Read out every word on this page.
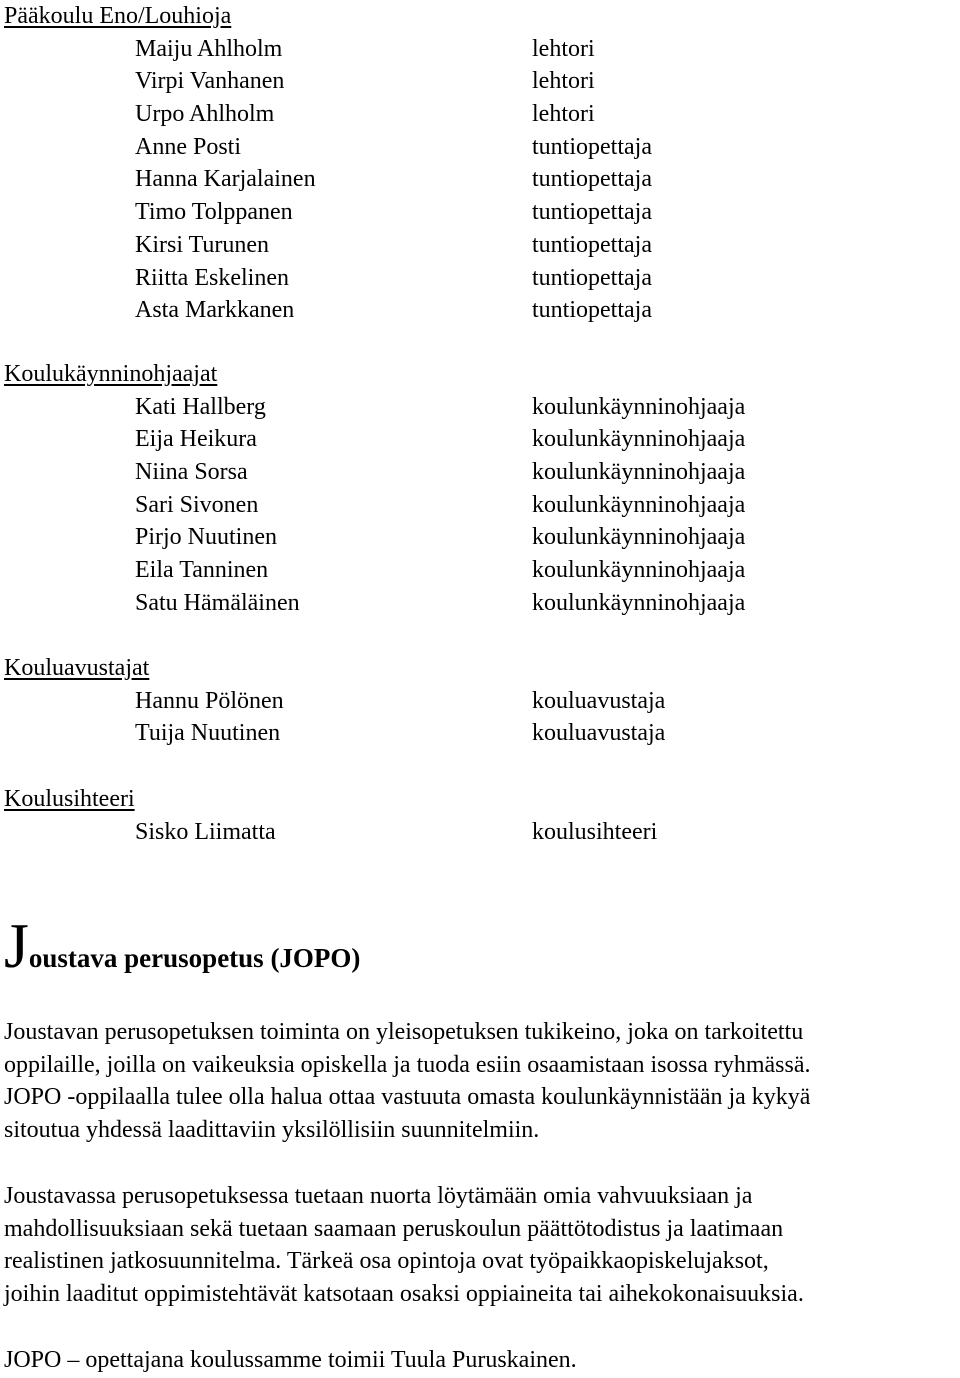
Pääkoulu Eno/Louhioja
Maiju Ahlholm	lehtori
Virpi Vanhanen	lehtori
Urpo Ahlholm	lehtori
Anne Posti	tuntiopettaja
Hanna Karjalainen	tuntiopettaja
Timo Tolppanen	tuntiopettaja
Kirsi Turunen	tuntiopettaja
Riitta Eskelinen	tuntiopettaja
Asta Markkanen	tuntiopettaja
Koulukäynninohjaajat
Kati Hallberg	koulunkäynninohjaaja
Eija Heikura	koulunkäynninohjaaja
Niina Sorsa	koulunkäynninohjaaja
Sari Sivonen	koulunkäynninohjaaja
Pirjo Nuutinen	koulunkäynninohjaaja
Eila Tanninen	koulunkäynninohjaaja
Satu Hämäläinen	koulunkäynninohjaaja
Kouluavustajat
Hannu Pölönen	kouluavustaja
Tuija Nuutinen	kouluavustaja
Koulusihteeri
Sisko Liimatta	koulusihteeri
Joustava perusopetus (JOPO)

Joustavan perusopetuksen toiminta on yleisopetuksen tukikeino, joka on tarkoitettu
oppilaille, joilla on vaikeuksia opiskella ja tuoda esiin osaamistaan isossa ryhmässä.
JOPO -oppilaalla tulee olla halua ottaa vastuuta omasta koulunkäynnistään ja kykyä
sitoutua yhdessä laadittaviin yksilöllisiin suunnitelmiin.

Joustavassa perusopetuksessa tuetaan nuorta löytämään omia vahvuuksiaan ja
mahdollisuuksiaan sekä tuetaan saamaan peruskoulun päättötodistus ja laatimaan
realistinen jatkosuunnitelma. Tärkeä osa opintoja ovat työpaikkaopiskelujaksot,
joihin laaditut oppimistehtävät katsotaan osaksi oppiaineita tai aihekokonaisuuksia.

JOPO – opettajana koulussamme toimii Tuula Puruskainen.
